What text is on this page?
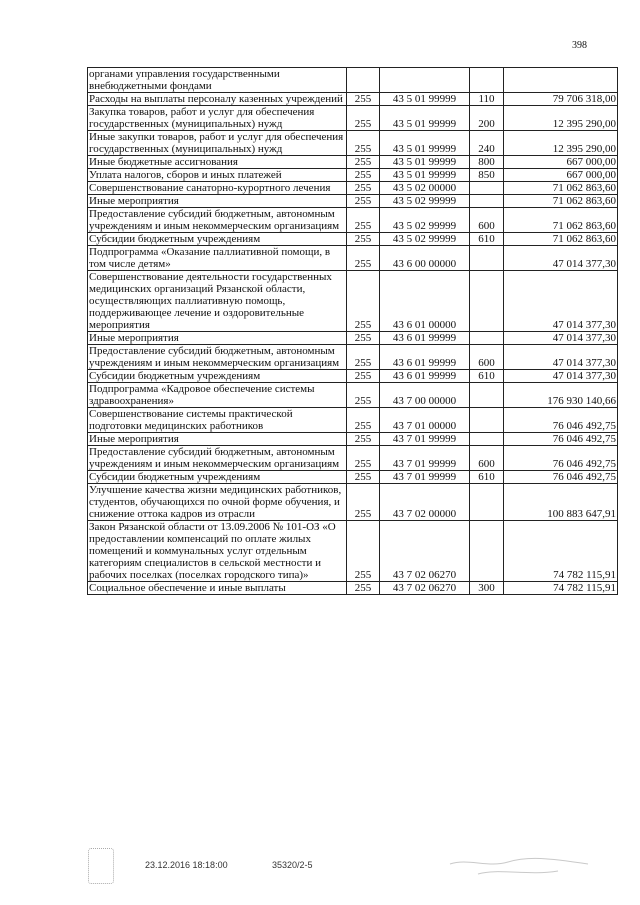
398
органами управления государственными внебюджетными фондами				
Расходы на выплаты персоналу казенных учреждений	255	43 5 01 99999	110	79 706 318,00
Закупка товаров, работ и услуг для обеспечения государственных (муниципальных) нужд	255	43 5 01 99999	200	12 395 290,00
Иные закупки товаров, работ и услуг для обеспечения государственных (муниципальных) нужд	255	43 5 01 99999	240	12 395 290,00
Иные бюджетные ассигнования	255	43 5 01 99999	800	667 000,00
Уплата налогов, сборов и иных платежей	255	43 5 01 99999	850	667 000,00
Совершенствование санаторно-курортного лечения	255	43 5 02 00000		71 062 863,60
Иные мероприятия	255	43 5 02 99999		71 062 863,60
Предоставление субсидий бюджетным, автономным учреждениям и иным некоммерческим организациям	255	43 5 02 99999	600	71 062 863,60
Субсидии бюджетным учреждениям	255	43 5 02 99999	610	71 062 863,60
Подпрограмма «Оказание паллиативной помощи, в том числе детям»	255	43 6 00 00000		47 014 377,30
Совершенствование деятельности государственных медицинских организаций Рязанской области, осуществляющих паллиативную помощь, поддерживающее лечение и оздоровительные мероприятия	255	43 6 01 00000		47 014 377,30
Иные мероприятия	255	43 6 01 99999		47 014 377,30
Предоставление субсидий бюджетным, автономным учреждениям и иным некоммерческим организациям	255	43 6 01 99999	600	47 014 377,30
Субсидии бюджетным учреждениям	255	43 6 01 99999	610	47 014 377,30
Подпрограмма «Кадровое обеспечение системы здравоохранения»	255	43 7 00 00000		176 930 140,66
Совершенствование системы практической подготовки медицинских работников	255	43 7 01 00000		76 046 492,75
Иные мероприятия	255	43 7 01 99999		76 046 492,75
Предоставление субсидий бюджетным, автономным учреждениям и иным некоммерческим организациям	255	43 7 01 99999	600	76 046 492,75
Субсидии бюджетным учреждениям	255	43 7 01 99999	610	76 046 492,75
Улучшение качества жизни медицинских работников, студентов, обучающихся по очной форме обучения, и снижение оттока кадров из отрасли	255	43 7 02 00000		100 883 647,91
Закон Рязанской области от 13.09.2006 № 101-ОЗ «О предоставлении компенсаций по оплате жилых помещений и коммунальных услуг отдельным категориям специалистов в сельской местности и рабочих поселках (поселках городского типа)»	255	43 7 02 06270		74 782 115,91
Социальное обеспечение и иные выплаты	255	43 7 02 06270	300	74 782 115,91
23.12.2016 18:18:00	35320/2-5
